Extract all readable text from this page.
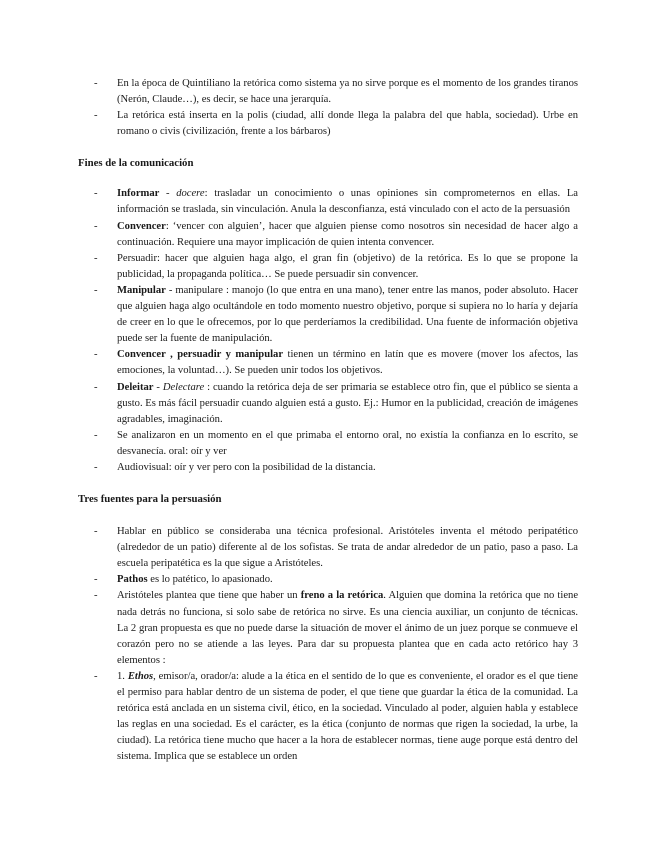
- En la época de Quintiliano la retórica como sistema ya no sirve porque es el momento de los grandes tiranos (Nerón, Claude…), es decir, se hace una jerarquía.
- La retórica está inserta en la polis (ciudad, allí donde llega la palabra del que habla, sociedad). Urbe en romano o civis (civilización, frente a los bárbaros)
Fines de la comunicación
- Informar - docere: trasladar un conocimiento o unas opiniones sin comprometernos en ellas. La información se traslada, sin vinculación. Anula la desconfianza, está vinculado con el acto de la persuasión
- Convencer: ‘vencer con alguien’, hacer que alguien piense como nosotros sin necesidad de hacer algo a continuación. Requiere una mayor implicación de quien intenta convencer.
- Persuadir: hacer que alguien haga algo, el gran fin (objetivo) de la retórica. Es lo que se propone la publicidad, la propaganda política… Se puede persuadir sin convencer.
- Manipular - manipulare : manojo (lo que entra en una mano), tener entre las manos, poder absoluto. Hacer que alguien haga algo ocultándole en todo momento nuestro objetivo, porque si supiera no lo haría y dejaría de creer en lo que le ofrecemos, por lo que perderíamos la credibilidad. Una fuente de información objetiva puede ser la fuente de manipulación.
- Convencer , persuadir y manipular tienen un término en latín que es movere (mover los afectos, las emociones, la voluntad…). Se pueden unir todos los objetivos.
- Deleitar - Delectare : cuando la retórica deja de ser primaria se establece otro fin, que el público se sienta a gusto. Es más fácil persuadir cuando alguien está a gusto. Ej.: Humor en la publicidad, creación de imágenes agradables, imaginación.
- Se analizaron en un momento en el que primaba el entorno oral, no existía la confianza en lo escrito, se desvanecía. oral: oír y ver
- Audiovisual: oír y ver pero con la posibilidad de la distancia.
Tres fuentes para la persuasión
- Hablar en público se consideraba una técnica profesional. Aristóteles inventa el método peripatético (alrededor de un patio) diferente al de los sofistas. Se trata de andar alrededor de un patio, paso a paso. La escuela peripatética es la que sigue a Aristóteles.
- Pathos es lo patético, lo apasionado.
- Aristóteles plantea que tiene que haber un freno a la retórica. Alguien que domina la retórica que no tiene nada detrás no funciona, si solo sabe de retórica no sirve. Es una ciencia auxiliar, un conjunto de técnicas. La 2 gran propuesta es que no puede darse la situación de mover el ánimo de un juez porque se conmueve el corazón pero no se atiende a las leyes. Para dar su propuesta plantea que en cada acto retórico hay 3 elementos :
- 1. Ethos, emisor/a, orador/a: alude a la ética en el sentido de lo que es conveniente, el orador es el que tiene el permiso para hablar dentro de un sistema de poder, el que tiene que guardar la ética de la comunidad. La retórica está anclada en un sistema civil, ético, en la sociedad. Vinculado al poder, alguien habla y establece las reglas en una sociedad. Es el carácter, es la ética (conjunto de normas que rigen la sociedad, la urbe, la ciudad). La retórica tiene mucho que hacer a la hora de establecer normas, tiene auge porque está dentro del sistema. Implica que se establece un orden
